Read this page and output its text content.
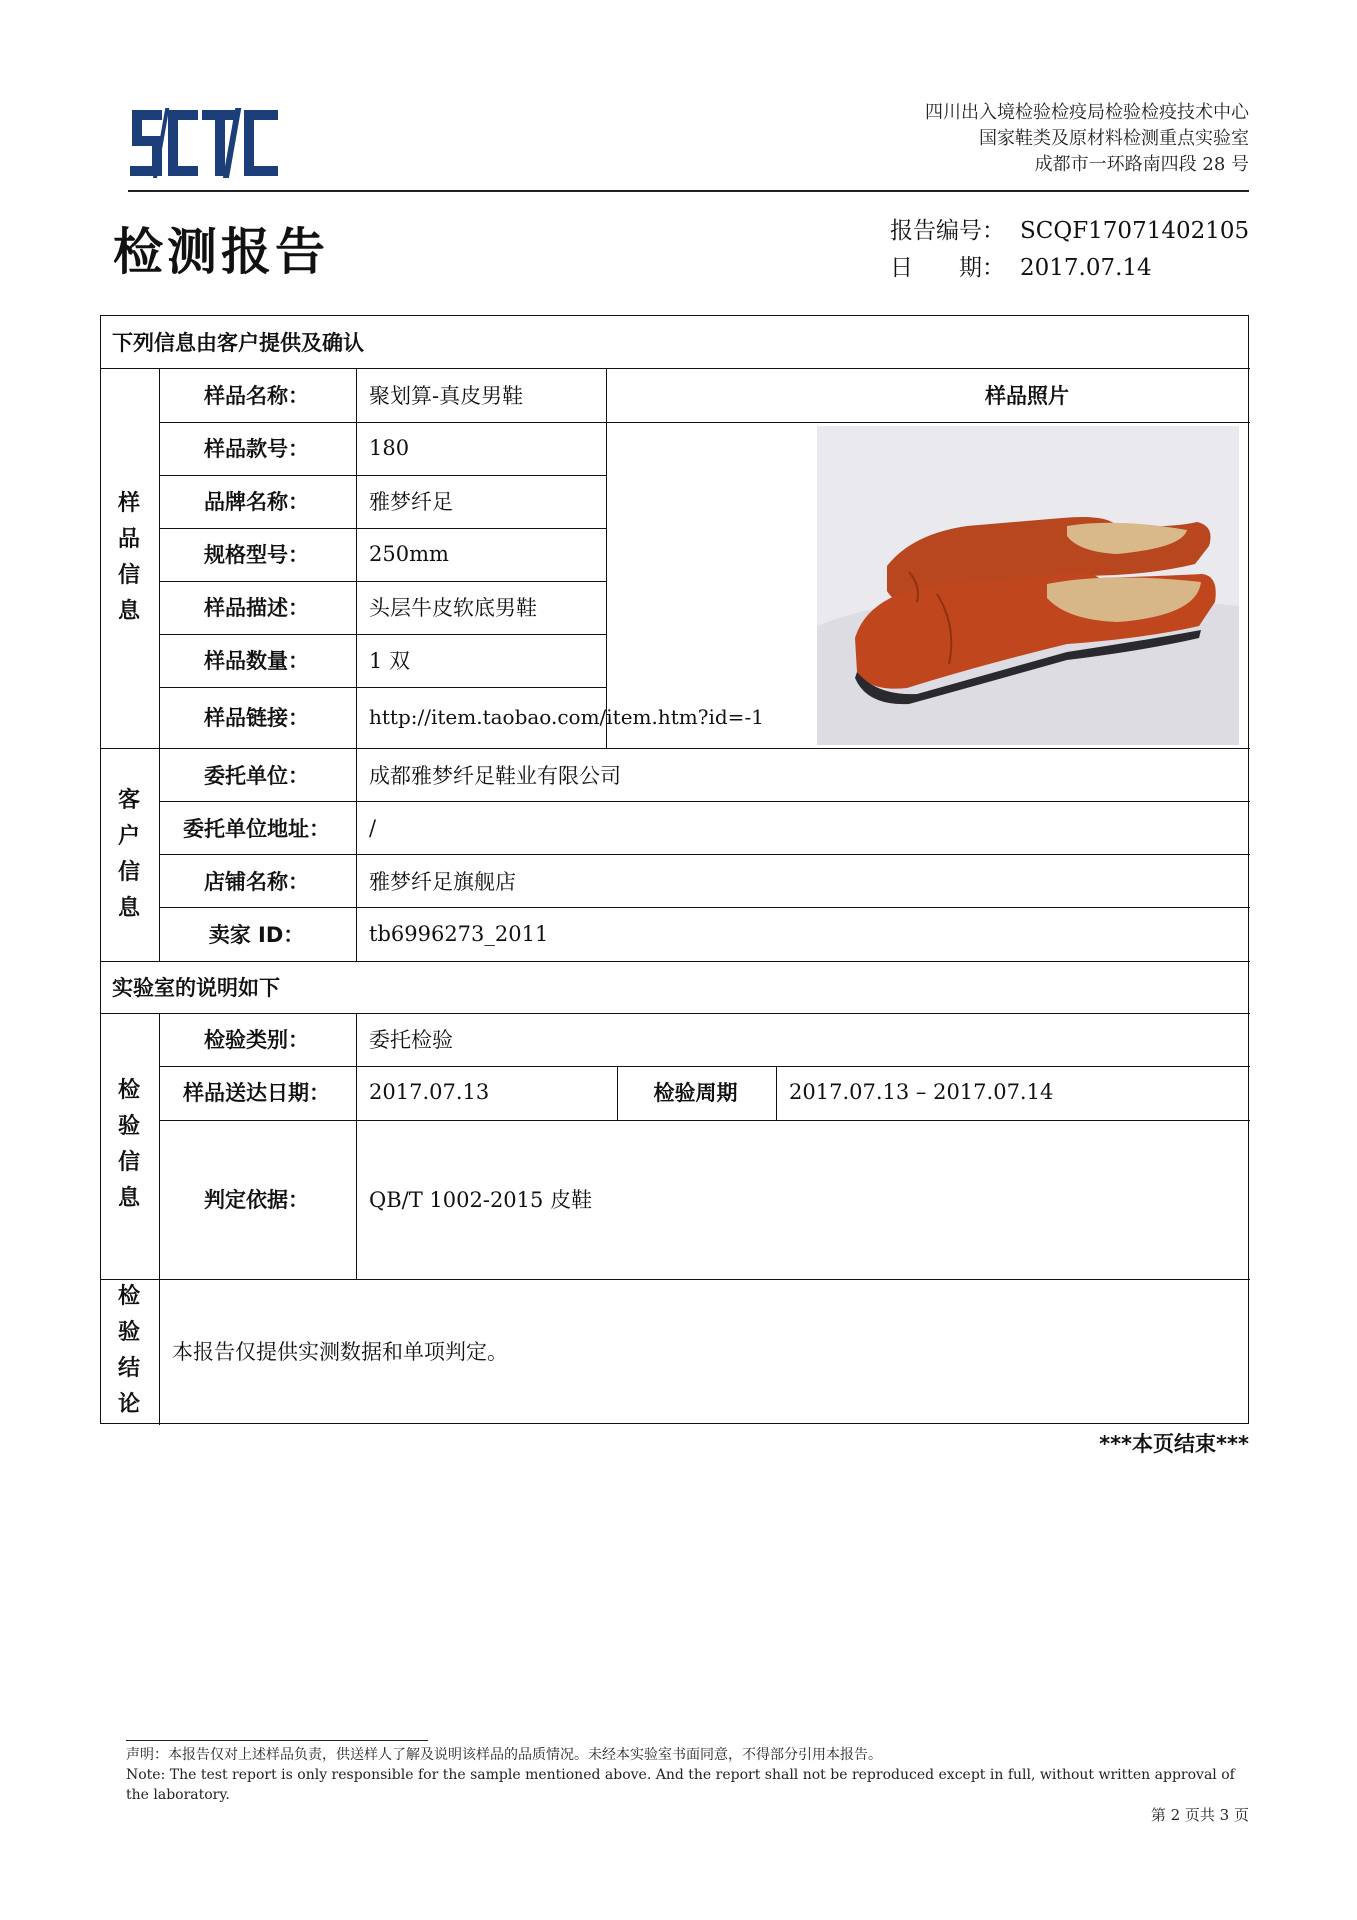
四川出入境检验检疫局检验检疫技术中心
国家鞋类及原材料检测重点实验室
成都市一环路南四段 28 号
检测报告	报告编号： SCQF17071402105
日　　期： 2017.07.14
下列信息由客户提供及确认
样
品
信
息
样品名称：	聚划算-真皮男鞋	样品照片
样品款号：	180
品牌名称：	雅梦纤足
规格型号：	250mm
样品描述：	头层牛皮软底男鞋
样品数量：	1 双
样品链接：	http://item.taobao.com/item.htm?id=-1
客
户
信
息
委托单位：	成都雅梦纤足鞋业有限公司
委托单位地址：	/
店铺名称：	雅梦纤足旗舰店
卖家 ID：	tb6996273_2011
实验室的说明如下
检
验
信
息
检验类别：	委托检验
样品送达日期：	2017.07.13	检验周期	2017.07.13 – 2017.07.14
判定依据：	QB/T 1002-2015 皮鞋
检
验
结
论
本报告仅提供实测数据和单项判定。
***本页结束***
声明：本报告仅对上述样品负责，供送样人了解及说明该样品的品质情况。未经本实验室书面同意，不得部分引用本报告。
Note: The test report is only responsible for the sample mentioned above. And the report shall not be reproduced except in full, without written approval of the laboratory.
第 2 页共 3 页
